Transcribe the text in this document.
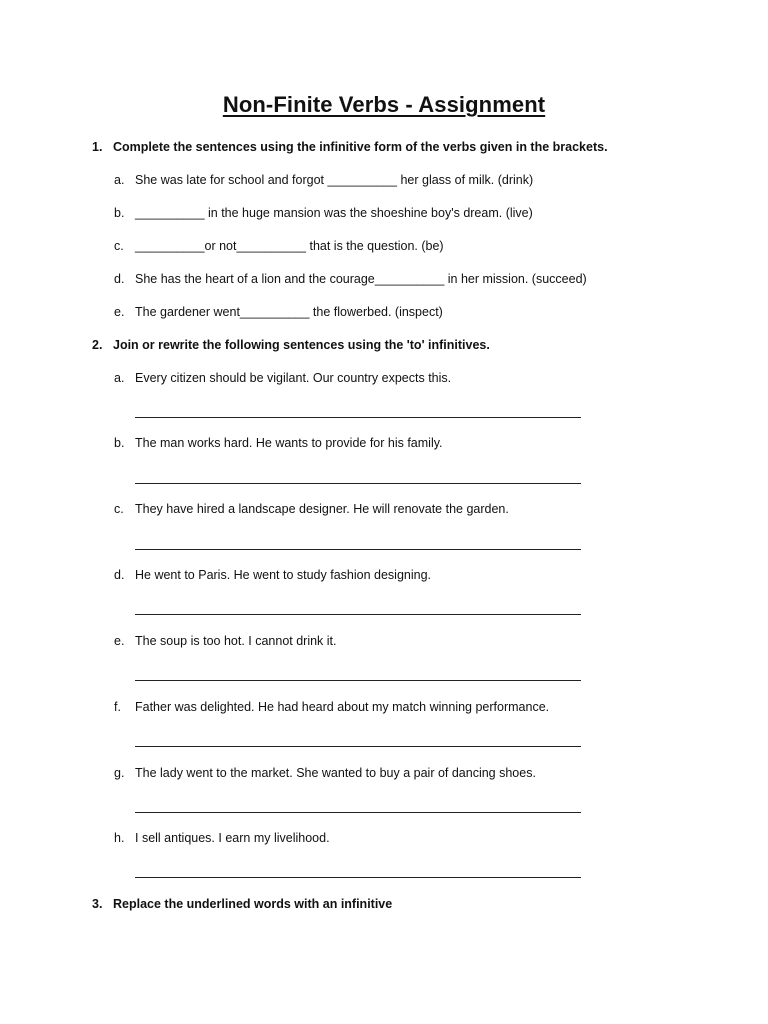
Non-Finite Verbs - Assignment
1. Complete the sentences using the infinitive form of the verbs given in the brackets.
a. She was late for school and forgot __________ her glass of milk. (drink)
b. __________ in the huge mansion was the shoeshine boy's dream. (live)
c. __________or not__________ that is the question. (be)
d. She has the heart of a lion and the courage__________ in her mission. (succeed)
e. The gardener went__________ the flowerbed. (inspect)
2. Join or rewrite the following sentences using the 'to' infinitives.
a. Every citizen should be vigilant. Our country expects this.
b. The man works hard. He wants to provide for his family.
c. They have hired a landscape designer. He will renovate the garden.
d. He went to Paris. He went to study fashion designing.
e. The soup is too hot. I cannot drink it.
f. Father was delighted. He had heard about my match winning performance.
g. The lady went to the market. She wanted to buy a pair of dancing shoes.
h. I sell antiques. I earn my livelihood.
3. Replace the underlined words with an infinitive
